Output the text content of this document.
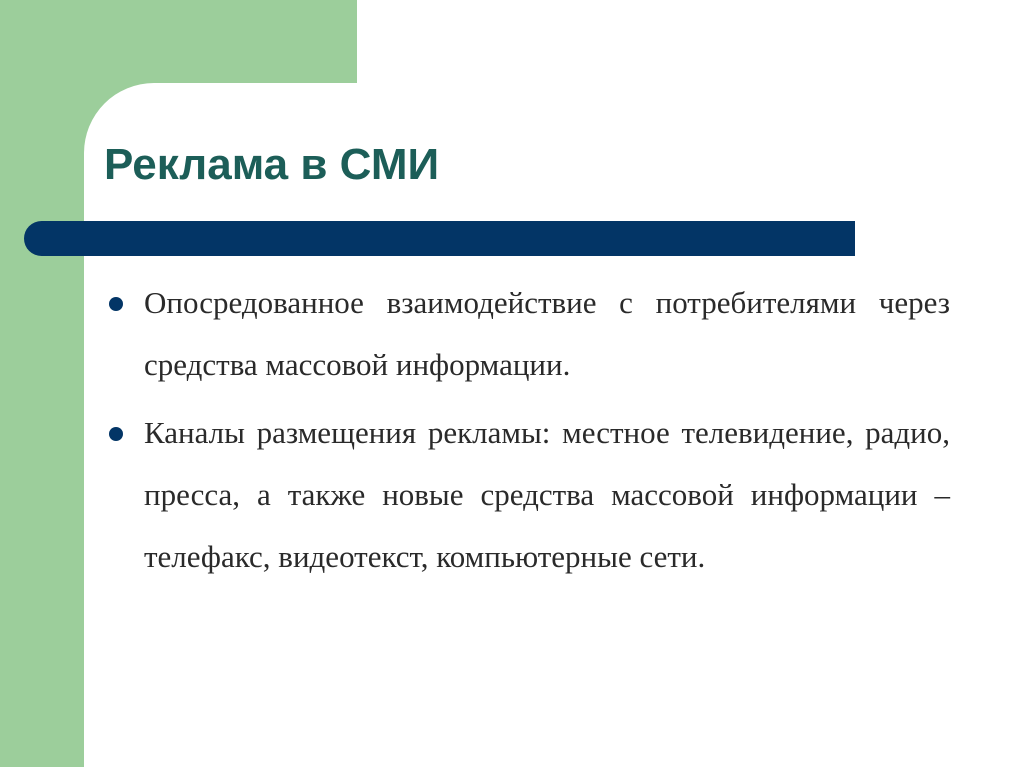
Реклама в СМИ
Опосредованное взаимодействие с потребителями через средства массовой информации.
Каналы размещения рекламы: местное телевидение, радио, пресса, а также новые средства массовой информации – телефакс, видеотекст, компьютерные сети.
